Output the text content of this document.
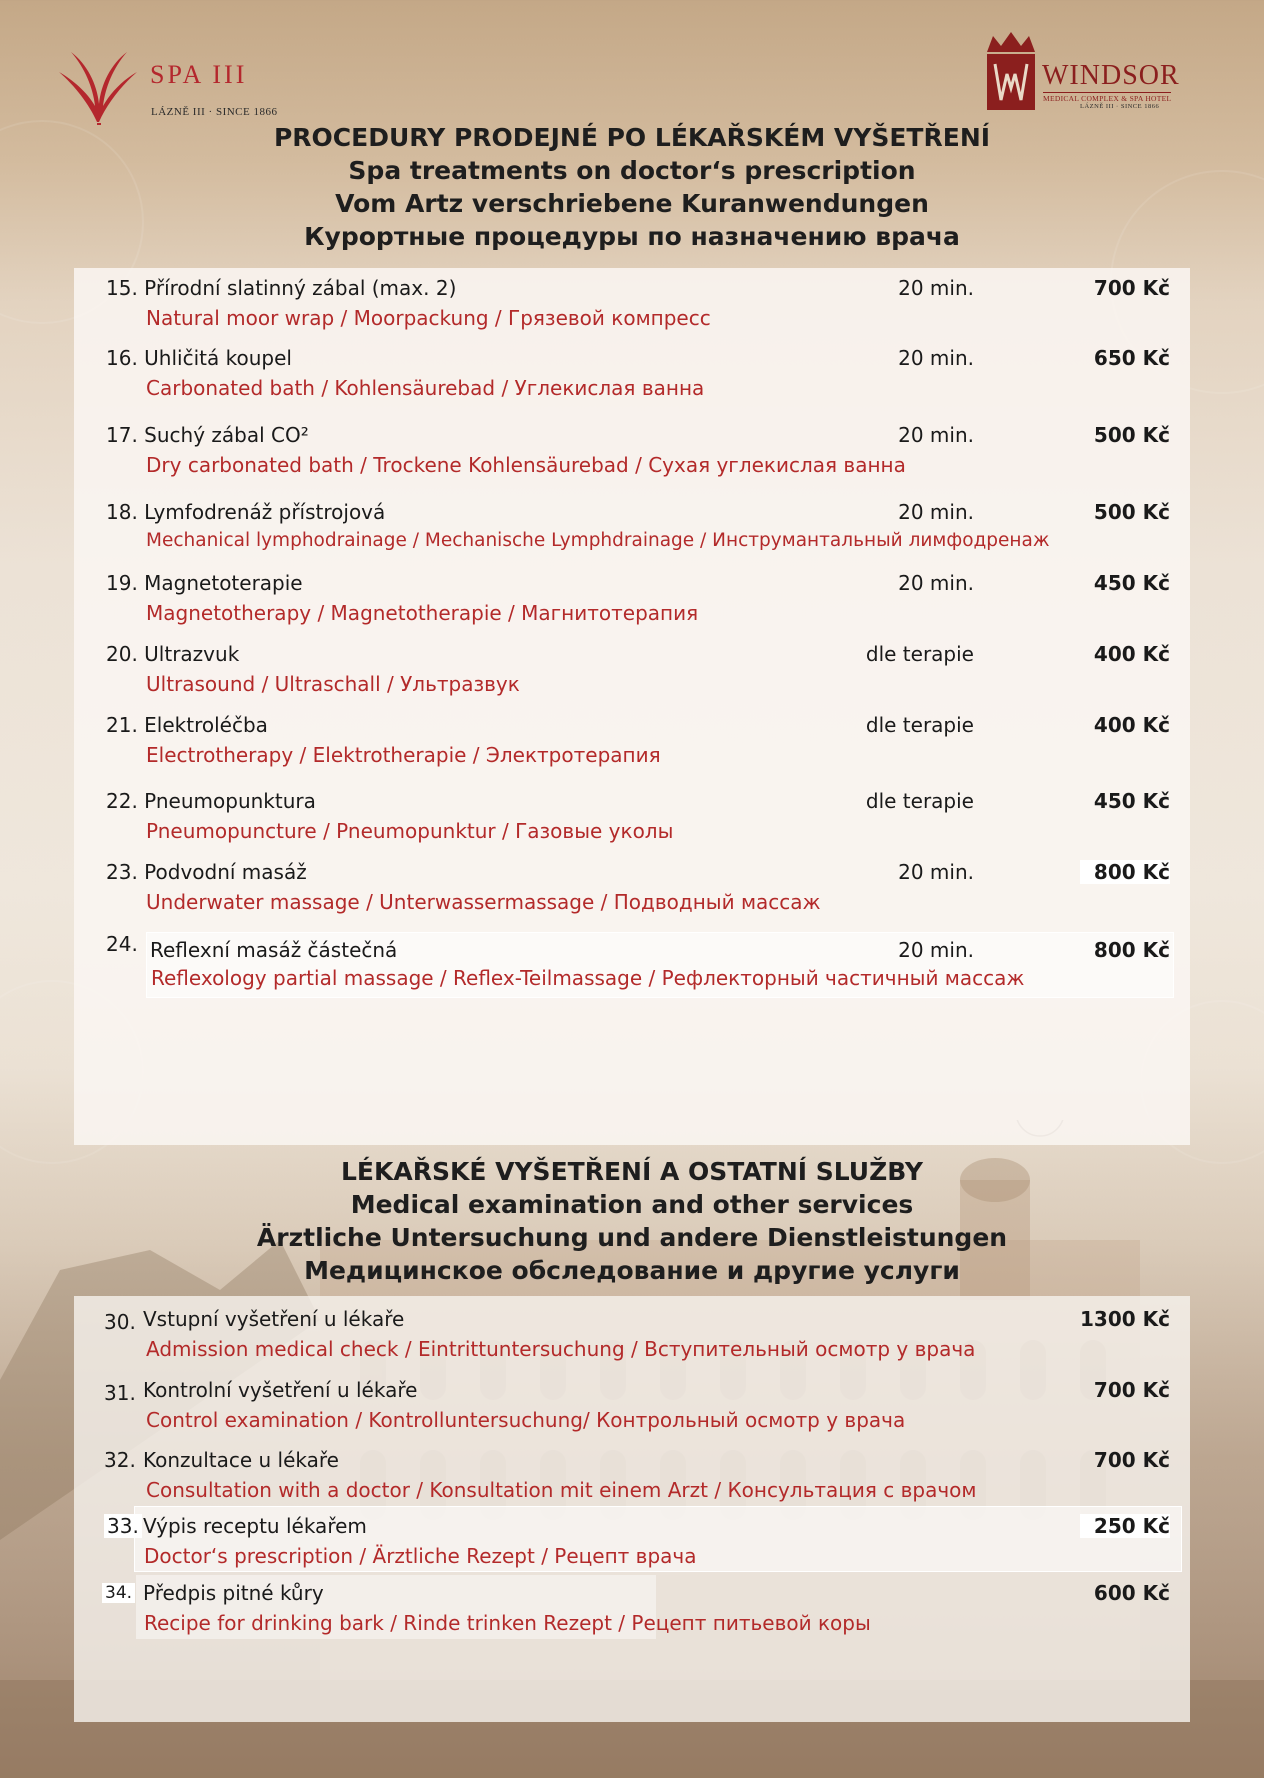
SPA III
LÁZNĚ III · SINCE 1866
WINDSOR
MEDICAL COMPLEX & SPA HOTEL
LÁZNĚ III · SINCE 1866
PROCEDURY PRODEJNÉ PO LÉKAŘSKÉM VYŠETŘENÍ
Spa treatments on doctor‘s prescription
Vom Artz verschriebene Kuranwendungen
Курортные процедуры по назначению врача
15. Přírodní slatinný zábal (max. 2)	20 min.	700 Kč
Natural moor wrap / Moorpackung / Грязевой компресс
16. Uhličitá koupel	20 min.	650 Kč
Carbonated bath / Kohlensäurebad / Углекислая ванна
17. Suchý zábal CO²	20 min.	500 Kč
Dry carbonated bath / Trockene Kohlensäurebad / Сухая углекислая ванна
18. Lymfodrenáž přístrojová	20 min.	500 Kč
Mechanical lymphodrainage / Mechanische Lymphdrainage / Инструмантальный лимфодренаж
19. Magnetoterapie	20 min.	450 Kč
Magnetotherapy / Magnetotherapie / Магнитотерапия
20. Ultrazvuk	dle terapie	400 Kč
Ultrasound / Ultraschall / Ультразвук
21. Elektroléčba	dle terapie	400 Kč
Electrotherapy / Elektrotherapie / Электротерапия
22. Pneumopunktura	dle terapie	450 Kč
Pneumopuncture / Pneumopunktur / Газовые уколы
23. Podvodní masáž	20 min.	800 Kč
Underwater massage / Unterwassermassage / Подводный массаж
24. Reflexní masáž částečná	20 min.	800 Kč
Reflexology partial massage / Reflex-Teilmassage / Рефлекторный частичный массаж
LÉKAŘSKÉ VYŠETŘENÍ A OSTATNÍ SLUŽBY
Medical examination and other services
Ärztliche Untersuchung und andere Dienstleistungen
Медицинское обследование и другие услуги
30. Vstupní vyšetření u lékaře	1300 Kč
Admission medical check / Eintrittuntersuchung / Вступительный осмотр у врача
31. Kontrolní vyšetření u lékaře	700 Kč
Control examination / Kontrolluntersuchung/ Контрольный осмотр у врача
32. Konzultace u lékaře	700 Kč
Consultation with a doctor / Konsultation mit einem Arzt / Консультация с врачом
33. Výpis receptu lékařem	250 Kč
Doctor‘s prescription / Ärztliche Rezept / Рецепт врача
34. Předpis pitné kůry	600 Kč
Recipe for drinking bark / Rinde trinken Rezept / Рецепт питьевой коры
